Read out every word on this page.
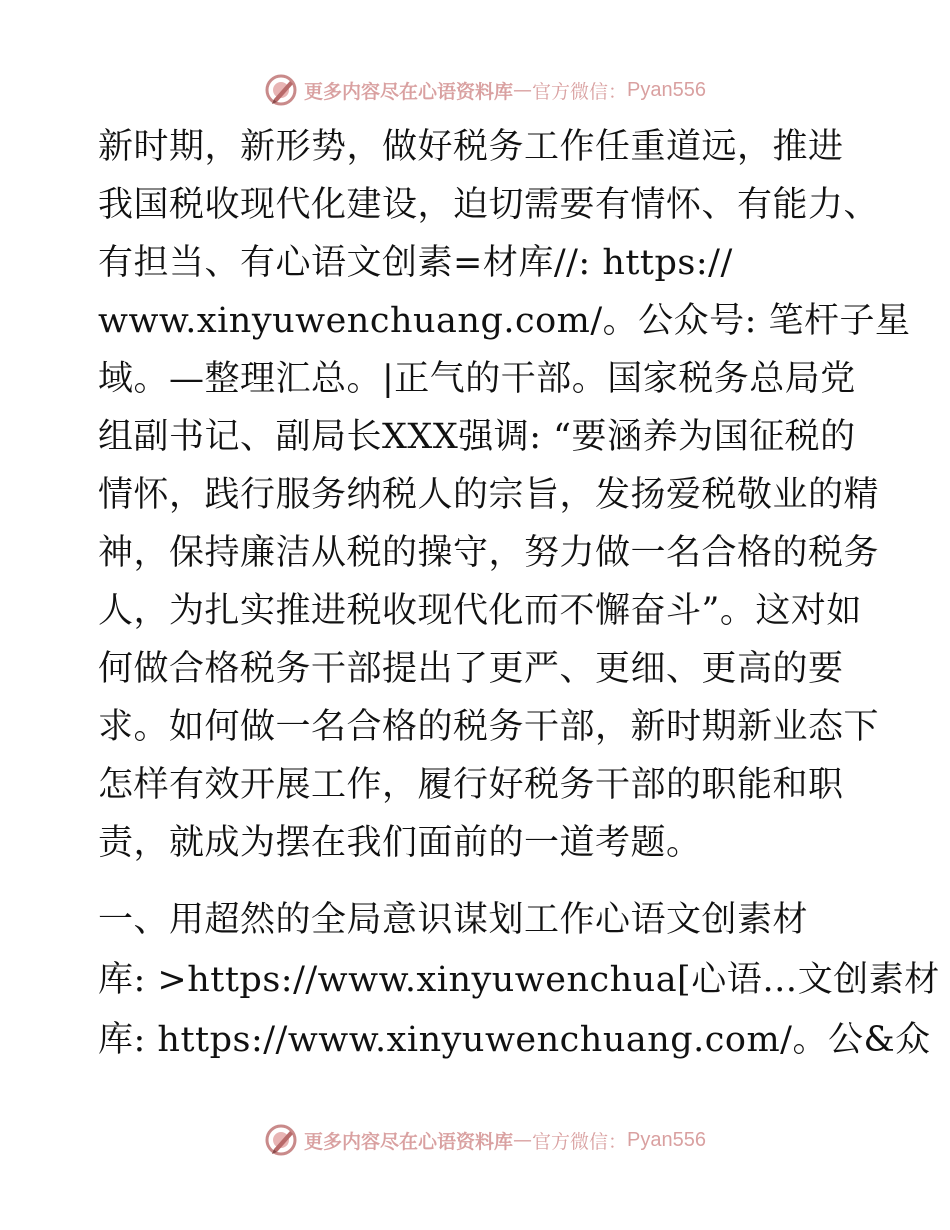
更多内容尽在心语资料库 — 官方微信： Pyan556
新时期，新形势，做好税务工作任重道远，推进
我国税收现代化建设，迫切需要有情怀、有能力、
有担当、有心语文创素=材库//: https://
www.xinyuwenchuang.com/。公众号: 笔杆子星
域。—整理汇总。|正气的干部。国家税务总局党
组副书记、副局长XXX强调: “要涵养为国征税的
情怀，践行服务纳税人的宗旨，发扬爱税敬业的精
神，保持廉洁从税的操守，努力做一名合格的税务
人，为扎实推进税收现代化而不懈奋斗”。这对如
何做合格税务干部提出了更严、更细、更高的要
求。如何做一名合格的税务干部，新时期新业态下
怎样有效开展工作，履行好税务干部的职能和职
责，就成为摆在我们面前的一道考题。
一、用超然的全局意识谋划工作心语文创素材
库: >https://www.xinyuwenchua[心语…文创素材
库: https://www.xinyuwenchuang.com/。公&众
更多内容尽在心语资料库 — 官方微信： Pyan556
